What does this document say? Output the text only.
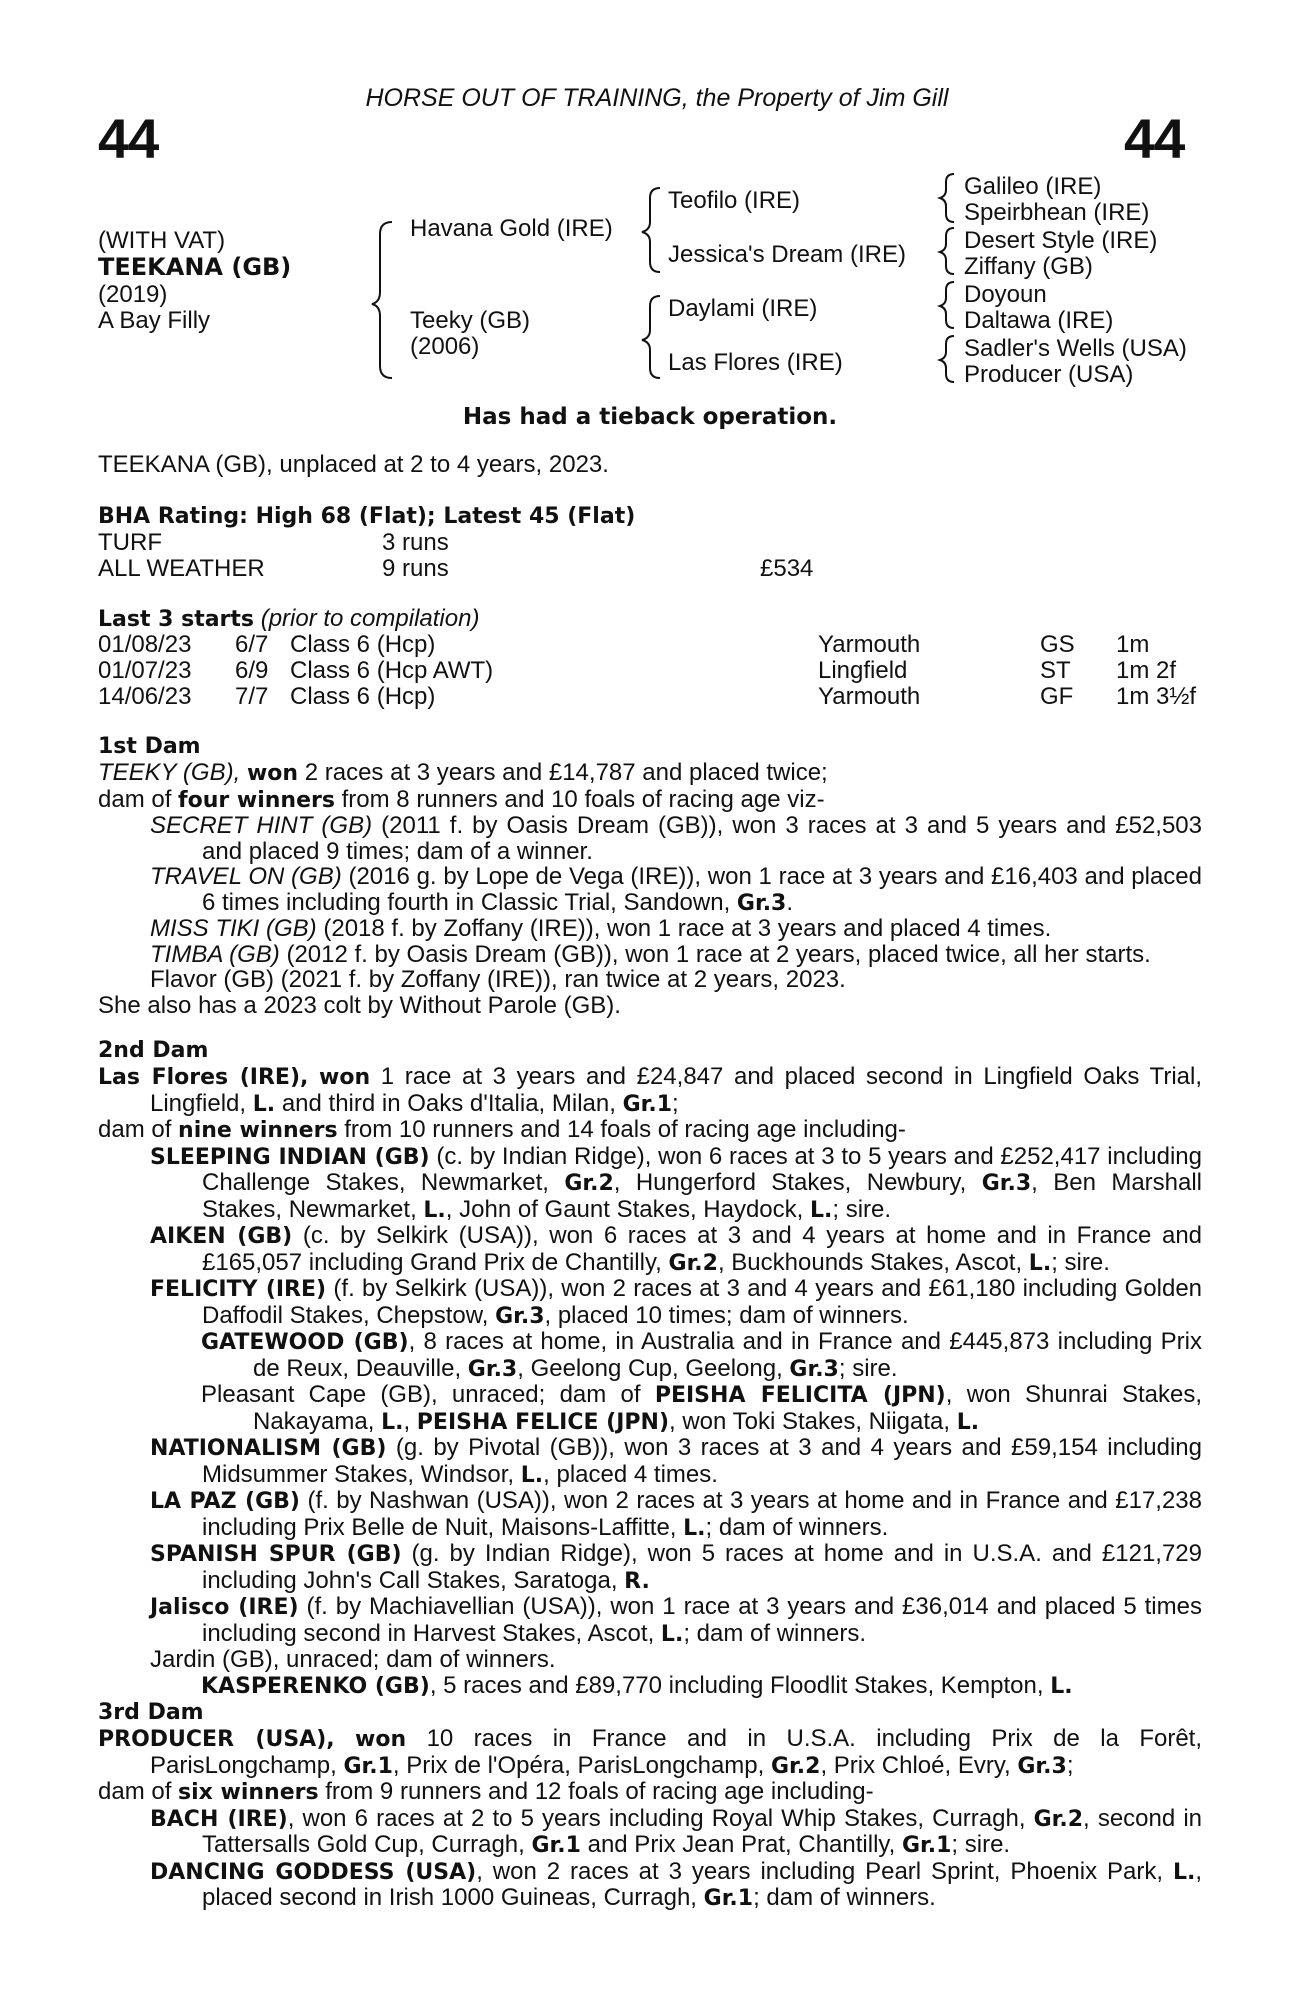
HORSE OUT OF TRAINING, the Property of Jim Gill
44	44
(WITH VAT)
TEEKANA (GB)
(2019)
A Bay Filly
Havana Gold (IRE)
Teeky (GB)
(2006)
Teofilo (IRE)
Jessica's Dream (IRE)
Daylami (IRE)
Las Flores (IRE)
Galileo (IRE)
Speirbhean (IRE)
Desert Style (IRE)
Ziffany (GB)
Doyoun
Daltawa (IRE)
Sadler's Wells (USA)
Producer (USA)
Has had a tieback operation.
TEEKANA (GB), unplaced at 2 to 4 years, 2023.
BHA Rating: High 68 (Flat); Latest 45 (Flat)
TURF	3 runs
ALL WEATHER	9 runs	£534
Last 3 starts (prior to compilation)
01/08/23 6/7 Class 6 (Hcp)	Yarmouth	GS 1m
01/07/23 6/9 Class 6 (Hcp AWT)	Lingfield	ST 1m 2f
14/06/23 7/7 Class 6 (Hcp)	Yarmouth	GF 1m 3½f
1st Dam
TEEKY (GB), won 2 races at 3 years and £14,787 and placed twice;
dam of four winners from 8 runners and 10 foals of racing age viz-
SECRET HINT (GB) (2011 f. by Oasis Dream (GB)), won 3 races at 3 and 5 years and £52,503 and placed 9 times; dam of a winner.
TRAVEL ON (GB) (2016 g. by Lope de Vega (IRE)), won 1 race at 3 years and £16,403 and placed 6 times including fourth in Classic Trial, Sandown, Gr.3.
MISS TIKI (GB) (2018 f. by Zoffany (IRE)), won 1 race at 3 years and placed 4 times.
TIMBA (GB) (2012 f. by Oasis Dream (GB)), won 1 race at 2 years, placed twice, all her starts.
Flavor (GB) (2021 f. by Zoffany (IRE)), ran twice at 2 years, 2023.
She also has a 2023 colt by Without Parole (GB).
2nd Dam
Las Flores (IRE), won 1 race at 3 years and £24,847 and placed second in Lingfield Oaks Trial, Lingfield, L. and third in Oaks d'Italia, Milan, Gr.1;
dam of nine winners from 10 runners and 14 foals of racing age including-
SLEEPING INDIAN (GB) (c. by Indian Ridge), won 6 races at 3 to 5 years and £252,417 including Challenge Stakes, Newmarket, Gr.2, Hungerford Stakes, Newbury, Gr.3, Ben Marshall Stakes, Newmarket, L., John of Gaunt Stakes, Haydock, L.; sire.
AIKEN (GB) (c. by Selkirk (USA)), won 6 races at 3 and 4 years at home and in France and £165,057 including Grand Prix de Chantilly, Gr.2, Buckhounds Stakes, Ascot, L.; sire.
FELICITY (IRE) (f. by Selkirk (USA)), won 2 races at 3 and 4 years and £61,180 including Golden Daffodil Stakes, Chepstow, Gr.3, placed 10 times; dam of winners.
GATEWOOD (GB), 8 races at home, in Australia and in France and £445,873 including Prix de Reux, Deauville, Gr.3, Geelong Cup, Geelong, Gr.3; sire.
Pleasant Cape (GB), unraced; dam of PEISHA FELICITA (JPN), won Shunrai Stakes, Nakayama, L., PEISHA FELICE (JPN), won Toki Stakes, Niigata, L.
NATIONALISM (GB) (g. by Pivotal (GB)), won 3 races at 3 and 4 years and £59,154 including Midsummer Stakes, Windsor, L., placed 4 times.
LA PAZ (GB) (f. by Nashwan (USA)), won 2 races at 3 years at home and in France and £17,238 including Prix Belle de Nuit, Maisons-Laffitte, L.; dam of winners.
SPANISH SPUR (GB) (g. by Indian Ridge), won 5 races at home and in U.S.A. and £121,729 including John's Call Stakes, Saratoga, R.
Jalisco (IRE) (f. by Machiavellian (USA)), won 1 race at 3 years and £36,014 and placed 5 times including second in Harvest Stakes, Ascot, L.; dam of winners.
Jardin (GB), unraced; dam of winners.
KASPERENKO (GB), 5 races and £89,770 including Floodlit Stakes, Kempton, L.
3rd Dam
PRODUCER (USA), won 10 races in France and in U.S.A. including Prix de la Forêt, ParisLongchamp, Gr.1, Prix de l'Opéra, ParisLongchamp, Gr.2, Prix Chloé, Evry, Gr.3;
dam of six winners from 9 runners and 12 foals of racing age including-
BACH (IRE), won 6 races at 2 to 5 years including Royal Whip Stakes, Curragh, Gr.2, second in Tattersalls Gold Cup, Curragh, Gr.1 and Prix Jean Prat, Chantilly, Gr.1; sire.
DANCING GODDESS (USA), won 2 races at 3 years including Pearl Sprint, Phoenix Park, L., placed second in Irish 1000 Guineas, Curragh, Gr.1; dam of winners.
